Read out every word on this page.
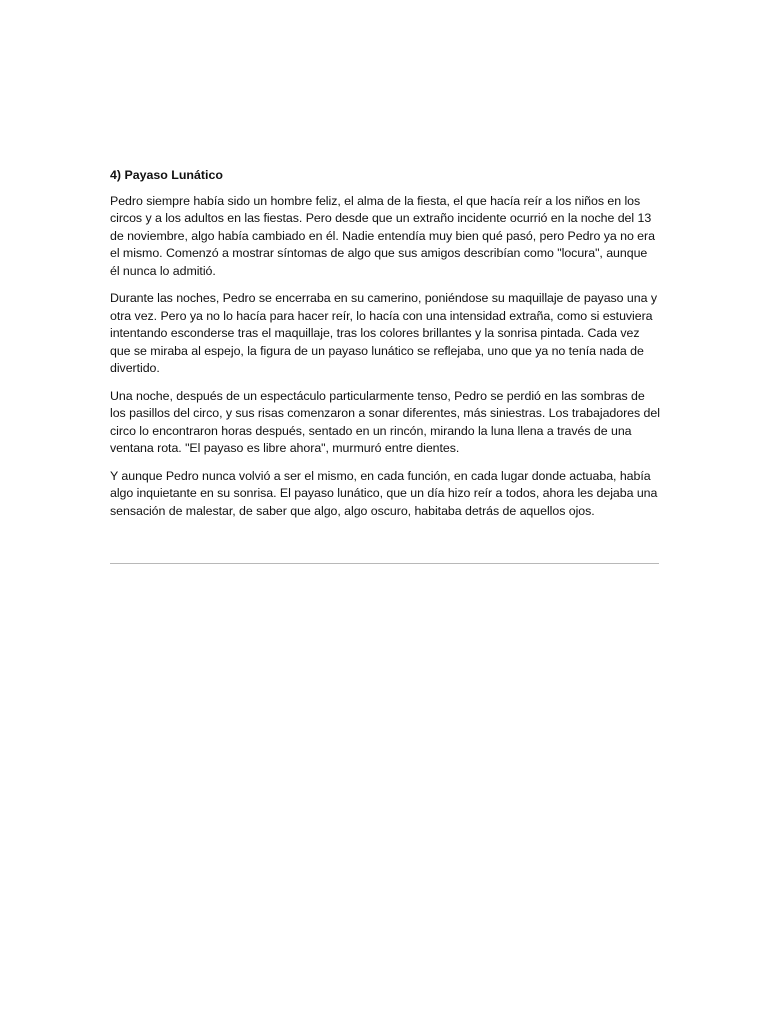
4) Payaso Lunático

Pedro siempre había sido un hombre feliz, el alma de la fiesta, el que hacía reír a los niños en los circos y a los adultos en las fiestas. Pero desde que un extraño incidente ocurrió en la noche del 13 de noviembre, algo había cambiado en él. Nadie entendía muy bien qué pasó, pero Pedro ya no era el mismo. Comenzó a mostrar síntomas de algo que sus amigos describían como "locura", aunque él nunca lo admitió.

Durante las noches, Pedro se encerraba en su camerino, poniéndose su maquillaje de payaso una y otra vez. Pero ya no lo hacía para hacer reír, lo hacía con una intensidad extraña, como si estuviera intentando esconderse tras el maquillaje, tras los colores brillantes y la sonrisa pintada. Cada vez que se miraba al espejo, la figura de un payaso lunático se reflejaba, uno que ya no tenía nada de divertido.

Una noche, después de un espectáculo particularmente tenso, Pedro se perdió en las sombras de los pasillos del circo, y sus risas comenzaron a sonar diferentes, más siniestras. Los trabajadores del circo lo encontraron horas después, sentado en un rincón, mirando la luna llena a través de una ventana rota. "El payaso es libre ahora", murmuró entre dientes.

Y aunque Pedro nunca volvió a ser el mismo, en cada función, en cada lugar donde actuaba, había algo inquietante en su sonrisa. El payaso lunático, que un día hizo reír a todos, ahora les dejaba una sensación de malestar, de saber que algo, algo oscuro, habitaba detrás de aquellos ojos.
